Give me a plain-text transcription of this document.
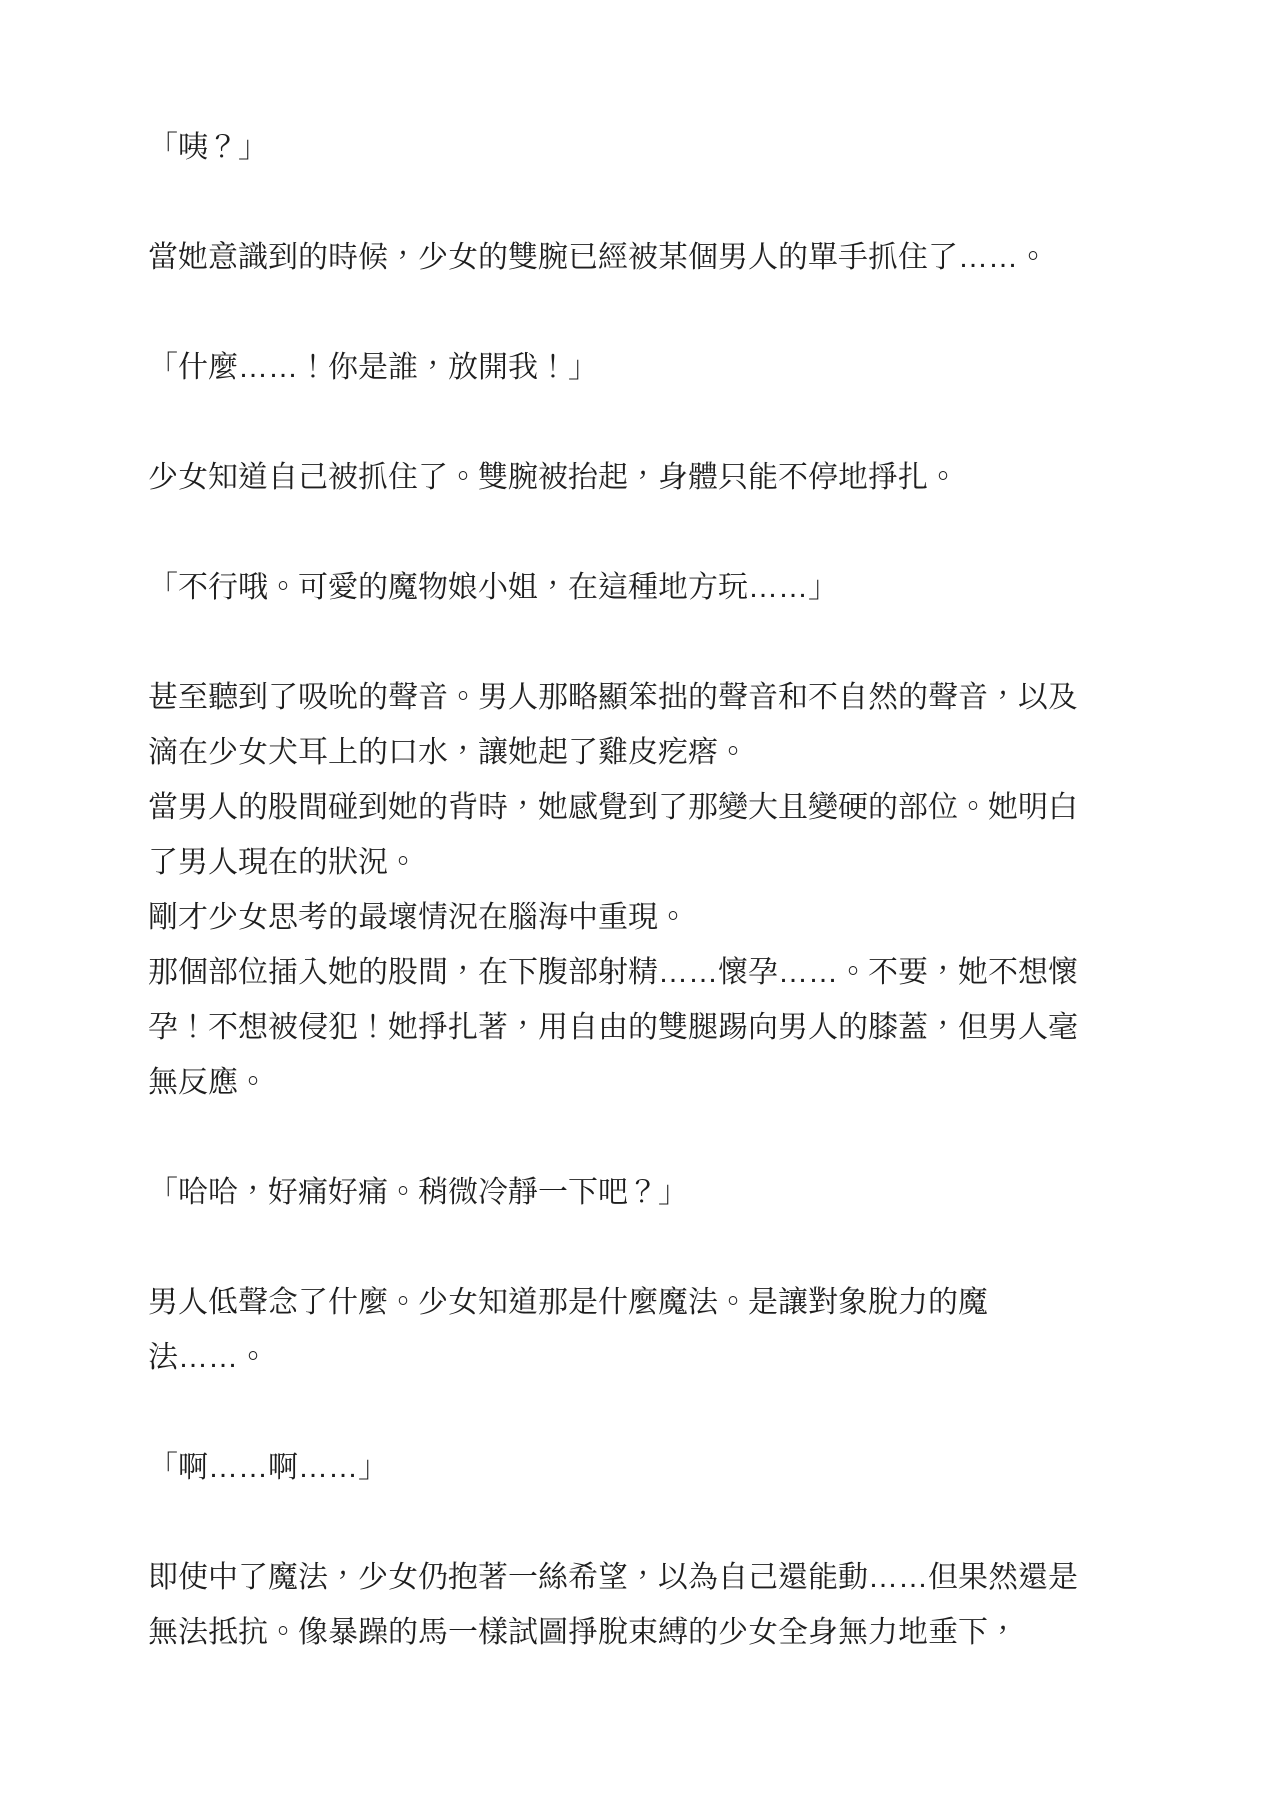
「咦？」

當她意識到的時候，少女的雙腕已經被某個男人的單手抓住了……。

「什麼……！你是誰，放開我！」

少女知道自己被抓住了。雙腕被抬起，身體只能不停地掙扎。

「不行哦。可愛的魔物娘小姐，在這種地方玩……」

甚至聽到了吸吮的聲音。男人那略顯笨拙的聲音和不自然的聲音，以及滴在少女犬耳上的口水，讓她起了雞皮疙瘩。

當男人的股間碰到她的背時，她感覺到了那變大且變硬的部位。她明白了男人現在的狀況。

剛才少女思考的最壞情況在腦海中重現。

那個部位插入她的股間，在下腹部射精……懷孕……。不要，她不想懷孕！不想被侵犯！她掙扎著，用自由的雙腿踢向男人的膝蓋，但男人毫無反應。

「哈哈，好痛好痛。稍微冷靜一下吧？」

男人低聲念了什麼。少女知道那是什麼魔法。是讓對象脫力的魔法……。

「啊……啊……」

即使中了魔法，少女仍抱著一絲希望，以為自己還能動……但果然還是無法抵抗。像暴躁的馬一樣試圖掙脫束縛的少女全身無力地垂下，
